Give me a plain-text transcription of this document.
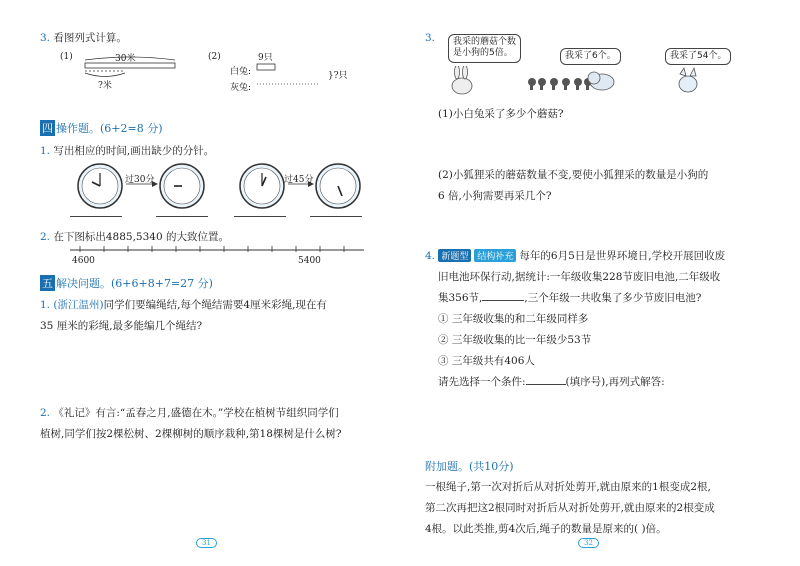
3. 看图列式计算。
(1)	30米
?米
(2)	9只
白兔:
灰兔:
}?只
四 操作题。(6+2=8 分)
1. 写出相应的时间,画出缺少的分针。
过30分	过45分
2. 在下图标出4885,5340 的大致位置。
4600	5400
五 解决问题。(6+6+8+7=27 分)
1. (浙江温州)同学们要编绳结,每个绳结需要4厘米彩绳,现在有
35 厘米的彩绳,最多能编几个绳结?
2. 《礼记》有言:“孟春之月,盛德在木。”学校在植树节组织同学们
植树,同学们按2棵松树、2棵柳树的顺序栽种,第18棵树是什么树?
31
3. 我采的蘑菇个数
是小狗的5倍。	我采了6个。	我采了54个。
(1)小白兔采了多少个蘑菇?
(2)小狐狸采的蘑菇数量不变,要使小狐狸采的数量是小狗的
6 倍,小狗需要再采几个?
4. 新题型 结构补充 每年的6月5日是世界环境日,学校开展回收废
旧电池环保行动,据统计:一年级收集228节废旧电池,二年级收
集356节,	,三个年级一共收集了多少节废旧电池?
① 三年级收集的和二年级同样多
② 三年级收集的比一年级少53节
③ 三年级共有406人
请先选择一个条件:	(填序号),再列式解答:
附加题。(共10分)
一根绳子,第一次对折后从对折处剪开,就由原来的1根变成2根,
第二次再把这2根同时对折后从对折处剪开,就由原来的2根变成
4根。以此类推,剪4次后,绳子的数量是原来的( )倍。
32
